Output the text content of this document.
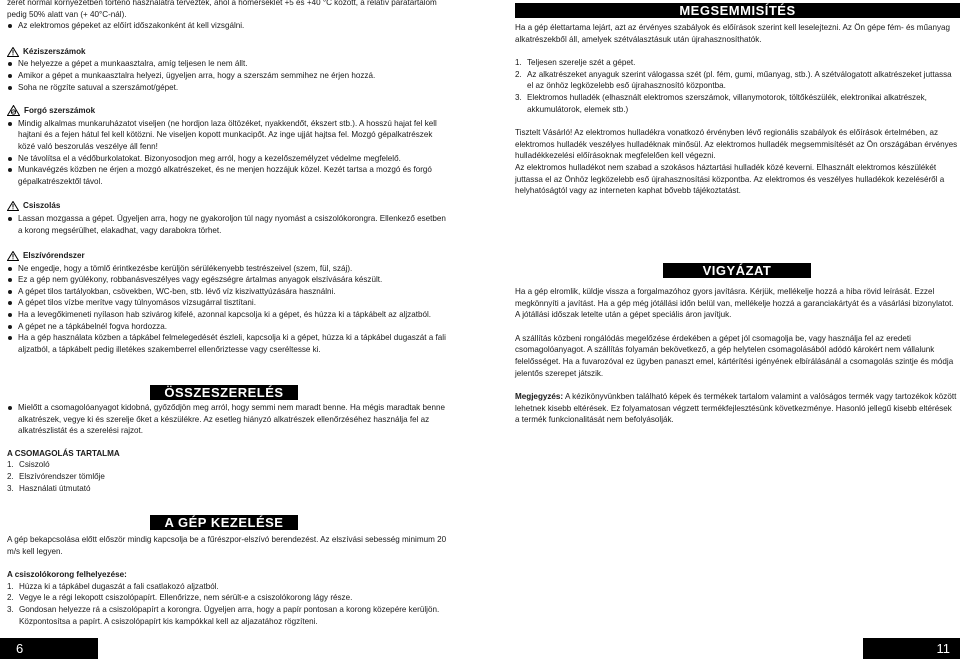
zerét normál környezetben történő használatra tervezték, ahol a hőmérséklet +5 és +40 °C között, a relatív páratartalom pedig 50% alatt van (+ 40°C-nál).

Az elektromos gépeket az előírt időszakonként át kell vizsgálni.
Kéziszerszámok
Ne helyezze a gépet a munkaasztalra, amíg teljesen le nem állt.
Amikor a gépet a munkaasztalra helyezi, ügyeljen arra, hogy a szerszám semmihez ne érjen hozzá.
Soha ne rögzíte satuval a szerszámot/gépet.
Forgó szerszámok
Mindig alkalmas munkaruházatot viseljen (ne hordjon laza öltözéket, nyakkendőt, ékszert stb.). A hosszú hajat fel kell hajtani és a fejen hátul fel kell kötözni. Ne viseljen kopott munkacipőt. Az inge ujját hajtsa fel. Mozgó gépalkatrészek közé való beszorulás veszélye áll fenn!
Ne távolítsa el a védőburkolatokat. Bizonyosodjon meg arról, hogy a kezelőszemélyzet védelme megfelelő.
Munkavégzés közben ne érjen a mozgó alkatrészeket, és ne menjen hozzájuk közel. Kezét tartsa a mozgó és forgó gépalkatrészektől távol.
Csiszolás
Lassan mozgassa a gépet. Ügyeljen arra, hogy ne gyakoroljon túl nagy nyomást a csiszolókorongra. Ellenkező esetben a korong megsérülhet, elakadhat, vagy darabokra törhet.
Elszívórendszer
Ne engedje, hogy a tömlő érintkezésbe kerüljön sérülékenyebb testrészeivel (szem, fül, száj).
Ez a gép nem gyúlékony, robbanásveszélyes vagy egészségre ártalmas anyagok elszívására készült.
A gépet tilos tartályokban, csövekben, WC-ben, stb. lévő víz kiszivattyúzására használni.
A gépet tilos vízbe merítve vagy túlnyomásos vízsugárral tisztítani.
Ha a levegőkimeneti nyílason hab szivárog kifelé, azonnal kapcsolja ki a gépet, és húzza ki a tápkábelt az aljzatból.
A gépet ne a tápkábelnél fogva hordozza.
Ha a gép használata közben a tápkábel felmelegedését észleli, kapcsolja ki a gépet, húzza ki a tápkábel dugaszát a fali aljzatból, a tápkábelt pedig illetékes szakemberrel ellenőriztesse vagy cseréltesse ki.
ÖSSZESZERELÉS
Mielőtt a csomagolóanyagot kidobná, győződjön meg arról, hogy semmi nem maradt benne. Ha mégis maradtak benne alkatrészek, vegye ki és szerelje őket a készülékre. Az esetleg hiányzó alkatrészek ellenőrzéséhez használja fel az alkatrészlistát és a szerelési rajzot.
A CSOMAGOLÁS TARTALMA
1. Csiszoló
2. Elszívórendszer tömlője
3. Használati útmutató
A GÉP KEZELÉSE

A gép bekapcsolása előtt először mindig kapcsolja be a fűrészpor-elszívó berendezést. Az elszívási sebesség minimum 20 m/s kell legyen.

A csiszolókorong felhelyezése:
1. Húzza ki a tápkábel dugaszát a fali csatlakozó aljzatból.
2. Vegye le a régi lekopott csiszolópapírt. Ellenőrizze, nem sérült-e a csiszolókorong lágy része.
3. Gondosan helyezze rá a csiszolópapírt a korongra. Ügyeljen arra, hogy a papír pontosan a korong közepére kerüljön. Központosítsa a papírt. A csiszolópapírt kis kampókkal kell az aljazatához rögzíteni.
6
MEGSEMMISÍTÉS

Ha a gép élettartama lejárt, azt az érvényes szabályok és előírások szerint kell leselejtezni. Az Ön gépe fém- és műanyag alkatrészekből áll, amelyek szétválasztásuk után újrahasznosíthatók.

1. Teljesen szerelje szét a gépet.
2. Az alkatrészeket anyaguk szerint válogassa szét (pl. fém, gumi, műanyag, stb.). A szétválogatott alkatrészeket juttassa el az önhöz legközelebb eső újrahasznosító központba.
3. Elektromos hulladék (elhasznált elektromos szerszámok, villanymotorok, töltőkészülék, elektronikai alkatrészek, akkumulátorok, elemek stb.)

Tisztelt Vásárló! Az elektromos hulladékra vonatkozó érvényben lévő regionális szabályok és előírások értelmében, az elektromos hulladék veszélyes hulladéknak minősül. Az elektromos hulladék megsemmisítését az Ön országában érvényes hulladékkezelési előírásoknak megfelelően kell végezni.

Az elektromos hulladékot nem szabad a szokásos háztartási hulladék közé keverni. Elhasznált elektromos készülékét juttassa el az Önhöz legközelebb eső újrahasznosítási központba. Az elektromos és veszélyes hulladékok kezeléséről a helyhatóságtól vagy az interneten kaphat bővebb tájékoztatást.

VIGYÁZAT

Ha a gép elromlik, küldje vissza a forgalmazóhoz gyors javításra. Kérjük, mellékelje hozzá a hiba rövid leírását. Ezzel megkönnyíti a javítást. Ha a gép még jótállási időn belül van, mellékelje hozzá a garanciakártyát és a vásárlási bizonylatot. A jótállási időszak letelte után a gépet speciális áron javítjuk.

A szállítás közbeni rongálódás megelőzése érdekében a gépet jól csomagolja be, vagy használja fel az eredeti csomagolóanyagot. A szállítás folyamán bekövetkező, a gép helytelen csomagolásából adódó károkért nem vállalunk felelősséget. Ha a fuvarozóval ez ügyben panaszt emel, kártérítési igényének elbírálásánál a csomagolás szintje és módja jelentős szerepet játszik.

Megjegyzés: A kézikönyvünkben található képek és termékek tartalom valamint a valóságos termék vagy tartozékok között lehetnek kisebb eltérések. Ez folyamatosan végzett termékfejlesztésünk következménye. Hasonló jellegű kisebb eltérések a termék funkcionalitását nem befolyásolják.

11
